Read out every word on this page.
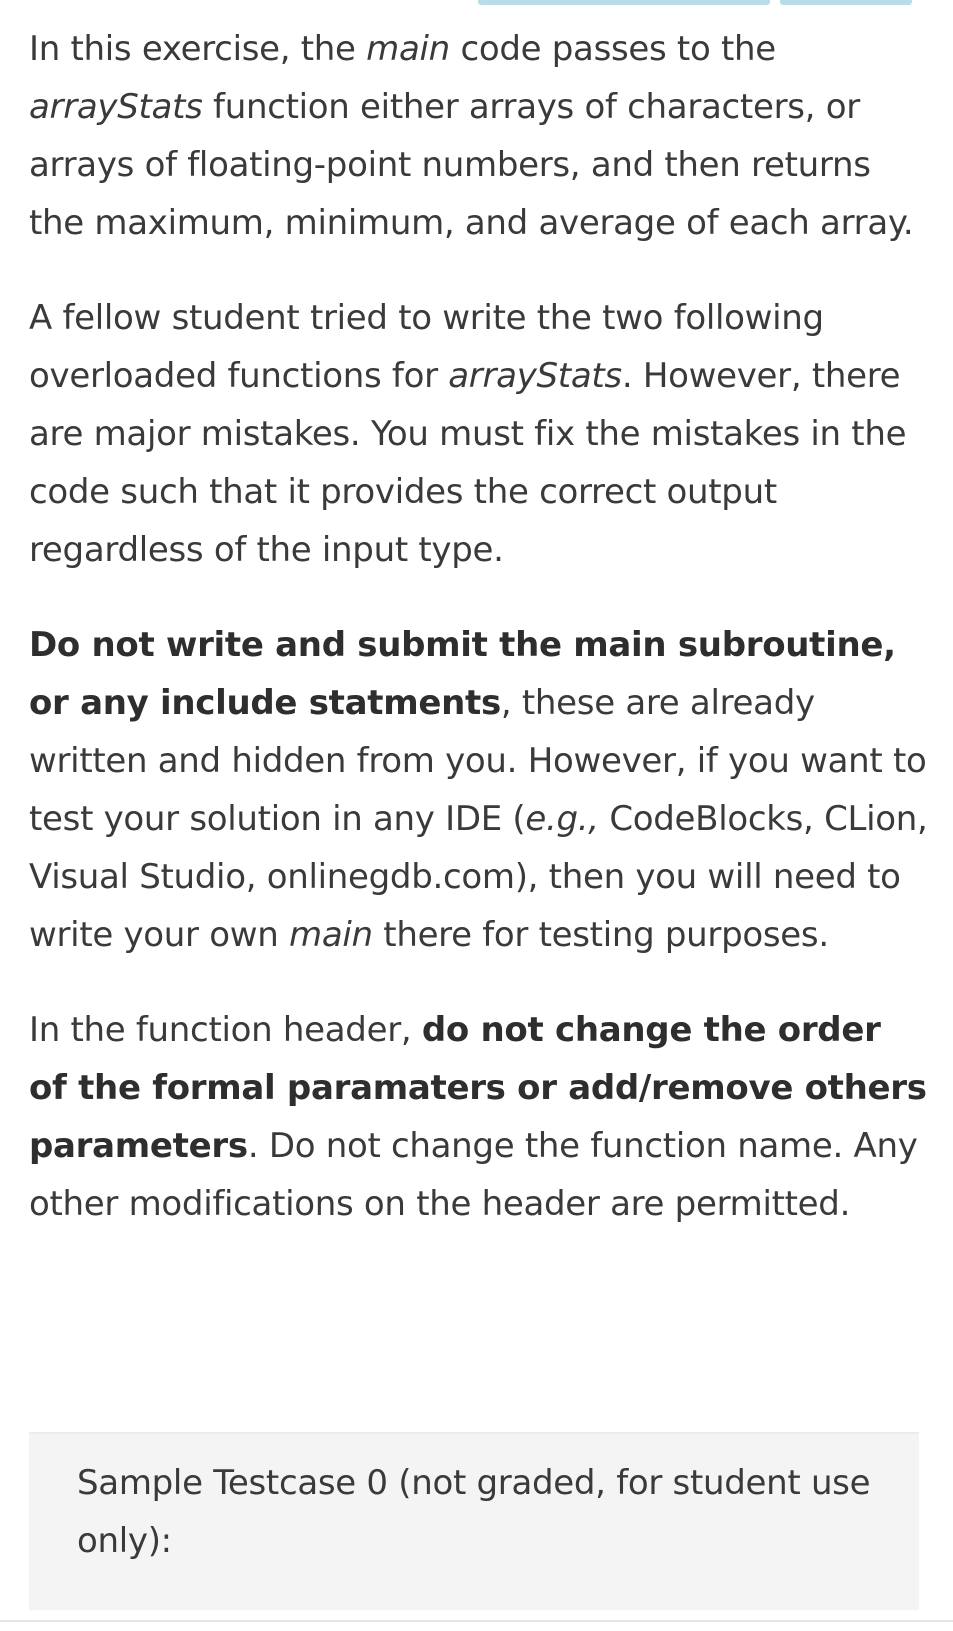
In this exercise, the main code passes to the arrayStats function either arrays of characters, or arrays of floating-point numbers, and then returns the maximum, minimum, and average of each array.

A fellow student tried to write the two following overloaded functions for arrayStats. However, there are major mistakes. You must fix the mistakes in the code such that it provides the correct output regardless of the input type.

Do not write and submit the main subroutine, or any include statments, these are already written and hidden from you. However, if you want to test your solution in any IDE (e.g., CodeBlocks, CLion, Visual Studio, onlinegdb.com), then you will need to write your own main there for testing purposes.

In the function header, do not change the order of the formal paramaters or add/remove others parameters. Do not change the function name. Any other modifications on the header are permitted.

Sample Testcase 0 (not graded, for student use only):
